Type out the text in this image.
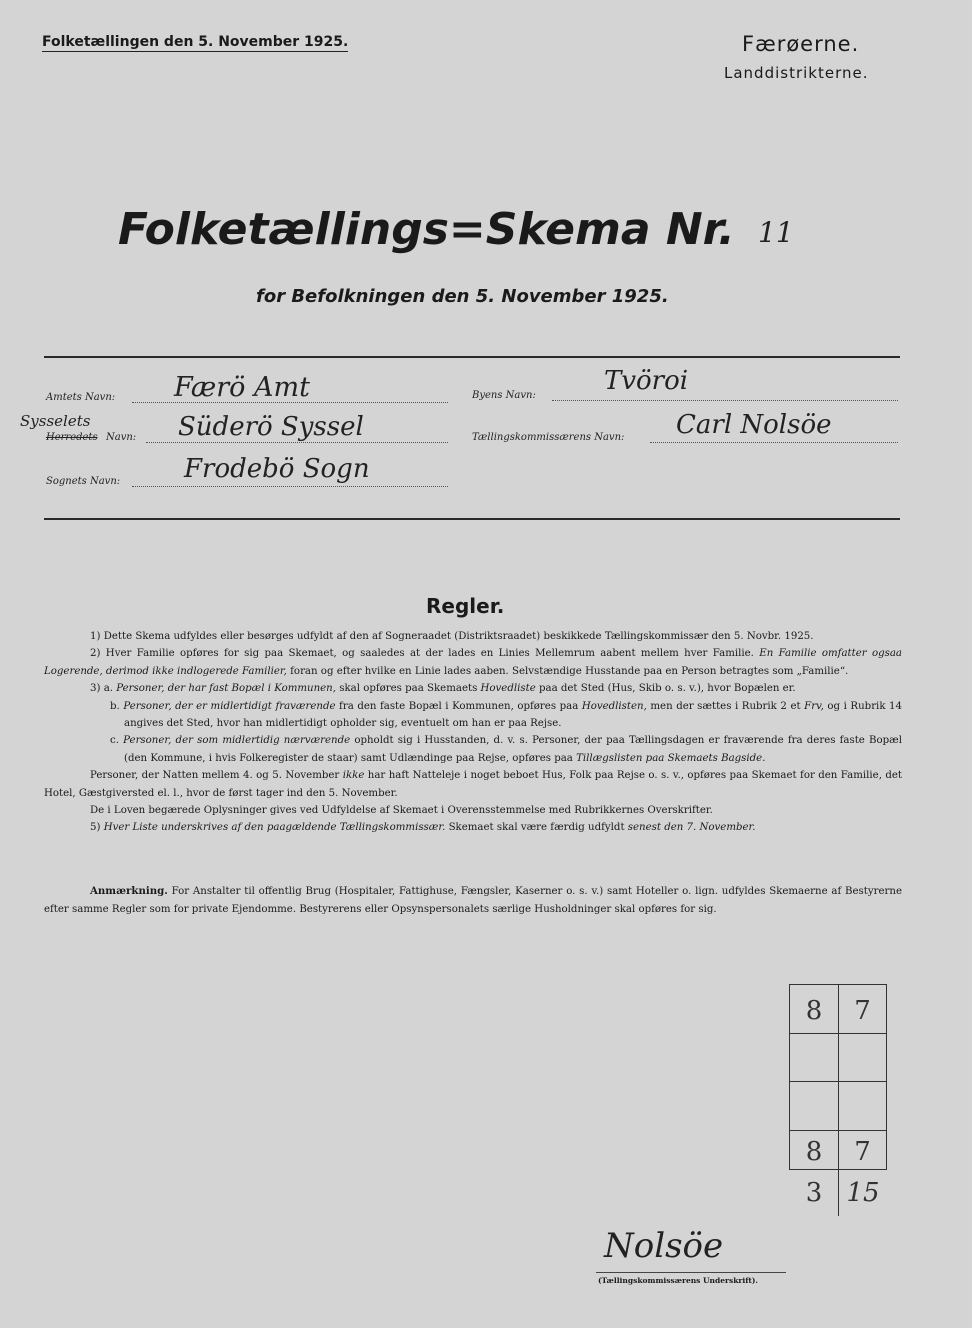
Folketællingen den 5. November 1925.	Færøerne.
Landdistrikterne.
Folketællings=Skema Nr. 11
for Befolkningen den 5. November 1925.
Amtets Navn: Færö Amt
Sysselets
Herredets Navn: Süderö Syssel
Sognets Navn: Frodebö Sogn
Byens Navn:	Tvöroi
Tællingskommissærens Navn: Carl Nolsöe
Regler.

1) Dette Skema udfyldes eller besørges udfyldt af den af Sogneraadet (Distriktsraadet) beskikkede Tællingskommissær den 5. Novbr. 1925.

2) Hver Familie opføres for sig paa Skemaet, og saaledes at der lades en Linies Mellemrum aabent mellem hver Familie. En Familie omfatter ogsaa Logerende, derimod ikke indlogerede Familier, foran og efter hvilke en Linie lades aaben. Selvstændige Husstande paa en Person betragtes som „Familie“.

3) a. Personer, der har fast Bopæl i Kommunen, skal opføres paa Skemaets Hovedliste paa det Sted (Hus, Skib o. s. v.), hvor Bopælen er.

b. Personer, der er midlertidigt fraværende fra den faste Bopæl i Kommunen, opføres paa Hovedlisten, men der sættes i Rubrik 2 et Frv, og i Rubrik 14 angives det Sted, hvor han midlertidigt opholder sig, eventuelt om han er paa Rejse.

c. Personer, der som midlertidig nærværende opholdt sig i Husstanden, d. v. s. Personer, der paa Tællingsdagen er fraværende fra deres faste Bopæl (den Kommune, i hvis Folkeregister de staar) samt Udlændinge paa Rejse, opføres paa Tillægslisten paa Skemaets Bagside.

Personer, der Natten mellem 4. og 5. November ikke har haft Natteleje i noget beboet Hus, Folk paa Rejse o. s. v., opføres paa Skemaet for den Familie, det Hotel, Gæstgiversted el. l., hvor de først tager ind den 5. November.

De i Loven begærede Oplysninger gives ved Udfyldelse af Skemaet i Overensstemmelse med Rubrikkernes Overskrifter.

5) Hver Liste underskrives af den paagældende Tællingskommissær. Skemaet skal være færdig udfyldt senest den 7. November.

Anmærkning. For Anstalter til offentlig Brug (Hospitaler, Fattighuse, Fængsler, Kaserner o. s. v.) samt Hoteller o. lign. udfyldes Skemaerne af Bestyrerne efter samme Regler som for private Ejendomme. Bestyrerens eller Opsynspersonalets særlige Husholdninger skal opføres for sig.
8	7
8	7
3 15
Nolsöe
(Tællingskommissærens Underskrift).
